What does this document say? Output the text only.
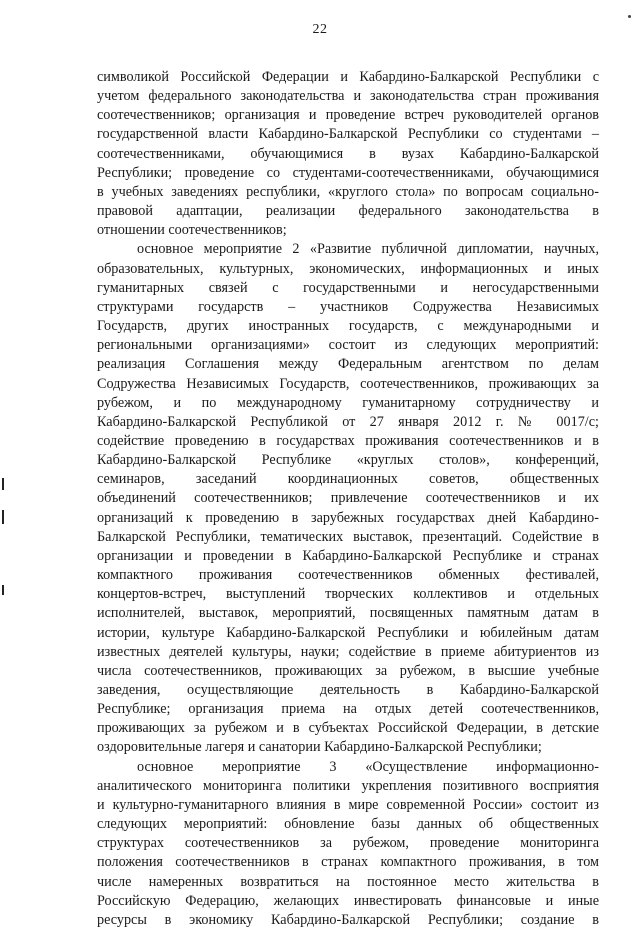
22
символикой Российской Федерации и Кабардино-Балкарской Республики с
учетом федерального законодательства и законодательства стран проживания
соотечественников; организация и проведение встреч руководителей органов
государственной власти Кабардино-Балкарской Республики со студентами –
соотечественниками, обучающимися в вузах Кабардино-Балкарской
Республики; проведение со студентами-соотечественниками, обучающимися
в учебных заведениях республики, «круглого стола» по вопросам социально-
правовой адаптации, реализации федерального законодательства в
отношении соотечественников;
основное мероприятие 2 «Развитие публичной дипломатии, научных,
образовательных, культурных, экономических, информационных и иных
гуманитарных связей с государственными и негосударственными
структурами государств – участников Содружества Независимых
Государств, других иностранных государств, с международными и
региональными организациями» состоит из следующих мероприятий:
реализация Соглашения между Федеральным агентством по делам
Содружества Независимых Государств, соотечественников, проживающих за
рубежом, и по международному гуманитарному сотрудничеству и
Кабардино-Балкарской Республикой от 27 января 2012 г. № 0017/с;
содействие проведению в государствах проживания соотечественников и в
Кабардино-Балкарской Республике «круглых столов», конференций,
семинаров, заседаний координационных советов, общественных
объединений соотечественников; привлечение соотечественников и их
организаций к проведению в зарубежных государствах дней Кабардино-
Балкарской Республики, тематических выставок, презентаций. Содействие в
организации и проведении в Кабардино-Балкарской Республике и странах
компактного проживания соотечественников обменных фестивалей,
концертов-встреч, выступлений творческих коллективов и отдельных
исполнителей, выставок, мероприятий, посвященных памятным датам в
истории, культуре Кабардино-Балкарской Республики и юбилейным датам
известных деятелей культуры, науки; содействие в приеме абитуриентов из
числа соотечественников, проживающих за рубежом, в высшие учебные
заведения, осуществляющие деятельность в Кабардино-Балкарской
Республике; организация приема на отдых детей соотечественников,
проживающих за рубежом и в субъектах Российской Федерации, в детские
оздоровительные лагеря и санатории Кабардино-Балкарской Республики;
основное мероприятие 3 «Осуществление информационно-
аналитического мониторинга политики укрепления позитивного восприятия
и культурно-гуманитарного влияния в мире современной России» состоит из
следующих мероприятий: обновление базы данных об общественных
структурах соотечественников за рубежом, проведение мониторинга
положения соотечественников в странах компактного проживания, в том
числе намеренных возвратиться на постоянное место жительства в
Российскую Федерацию, желающих инвестировать финансовые и иные
ресурсы в экономику Кабардино-Балкарской Республики; создание в
